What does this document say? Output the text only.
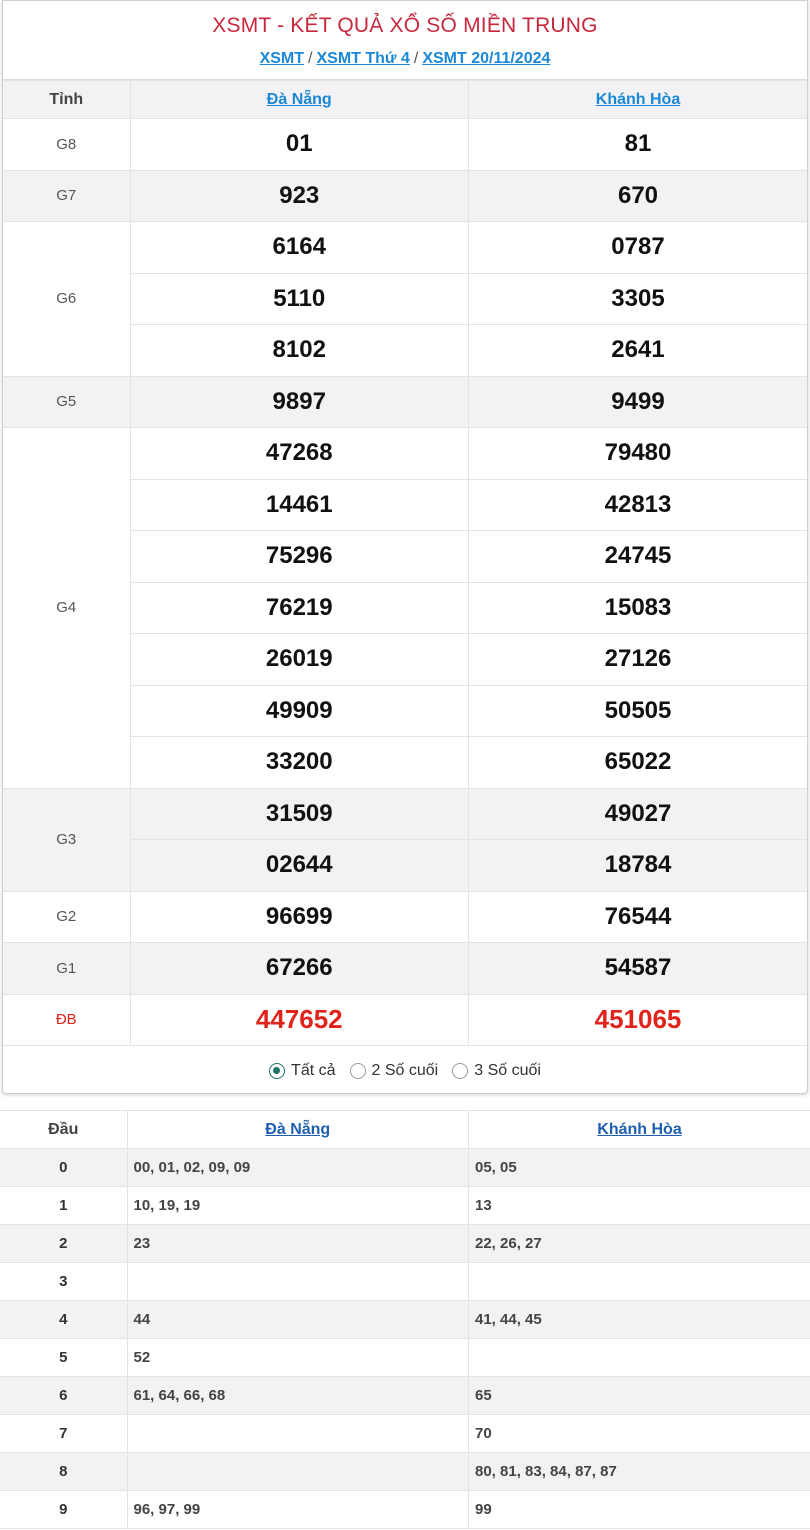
XSMT - KẾT QUẢ XỔ SỐ MIỀN TRUNG
XSMT / XSMT Thứ 4 / XSMT 20/11/2024
Tỉnh	Đà Nẵng	Khánh Hòa
G8	01	81
G7	923	670
G6	6164	0787
	5110	3305
	8102	2641
G5	9897	9499
G4	47268	79480
	14461	42813
	75296	24745
	76219	15083
	26019	27126
	49909	50505
	33200	65022
G3	31509	49027
	02644	18784
G2	96699	76544
G1	67266	54587
ĐB	447652	451065
Tất cả 2 Số cuối 3 Số cuối
Đầu	Đà Nẵng	Khánh Hòa
0	00, 01, 02, 09, 09	05, 05
1	10, 19, 19	13
2	23	22, 26, 27
3		
4	44	41, 44, 45
5	52	
6	61, 64, 66, 68	65
7		70
8		80, 81, 83, 84, 87, 87
9	96, 97, 99	99
